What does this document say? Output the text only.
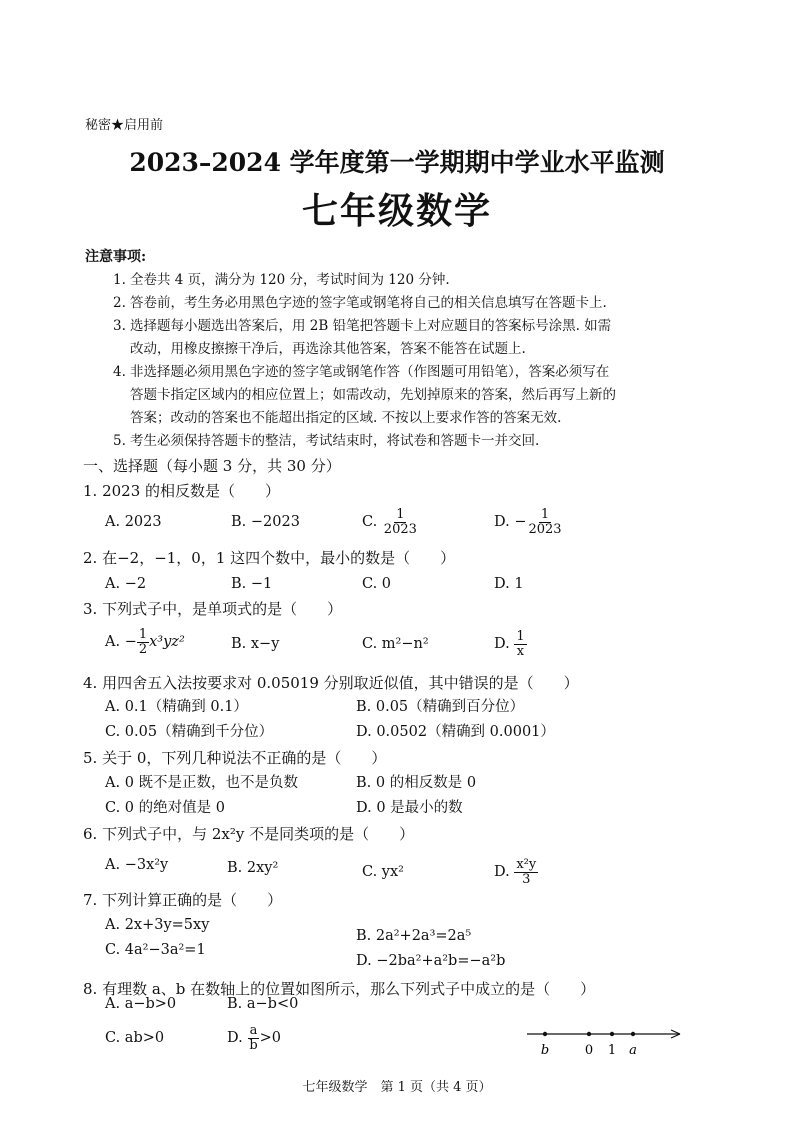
秘密★启用前
2023–2024 学年度第一学期期中学业水平监测
七年级数学
注意事项:
1. 全卷共 4 页，满分为 120 分，考试时间为 120 分钟.
2. 答卷前，考生务必用黑色字迹的签字笔或钢笔将自己的相关信息填写在答题卡上.
3. 选择题每小题选出答案后，用 2B 铅笔把答题卡上对应题目的答案标号涂黑. 如需
改动，用橡皮擦擦干净后，再选涂其他答案，答案不能答在试题上.
4. 非选择题必须用黑色字迹的签字笔或钢笔作答（作图题可用铅笔），答案必须写在
答题卡指定区域内的相应位置上；如需改动，先划掉原来的答案，然后再写上新的
答案；改动的答案也不能超出指定的区域. 不按以上要求作答的答案无效.
5. 考生必须保持答题卡的整洁，考试结束时，将试卷和答题卡一并交回.
一、选择题（每小题 3 分，共 30 分）
1. 2023 的相反数是（　　）
A. 2023	B. −2023	C. $\frac{1}{2023}$	D. − $\frac{1}{2023}$
2. 在−2，−1，0，1 这四个数中，最小的数是（　　）
A. −2	B. −1	C. 0	D. 1
3. 下列式子中，是单项式的是（　　）
A. − $\frac{1}{2} x^3yz^2$	B. x−y	C. m²−n²	D. $\frac{1}{x}$
4. 用四舍五入法按要求对 0.05019 分别取近似值，其中错误的是（　　）
A. 0.1（精确到 0.1）	B. 0.05（精确到百分位）
C. 0.05（精确到千分位）	D. 0.0502（精确到 0.0001）
5. 关于 0，下列几种说法不正确的是（　　）
A. 0 既不是正数，也不是负数	B. 0 的相反数是 0
C. 0 的绝对值是 0	D. 0 是最小的数
6. 下列式子中，与 2x²y 不是同类项的是（　　）
A. −3x²y	B. 2xy²	C. yx²	D. $\frac{\text{x²y}}{3}$
7. 下列计算正确的是（　　）
A. 2x+3y=5xy
B. 2a²+2a³=2a⁵
C. 4a²−3a²=1
D. −2ba²+a²b=−a²b
8. 有理数 a、b 在数轴上的位置如图所示，那么下列式子中成立的是（　　）
A. a−b>0	B. a−b<0
C. ab>0	D. $\frac{a}{b} >0$
b	0 1 a
七年级数学　第 1 页（共 4 页）
